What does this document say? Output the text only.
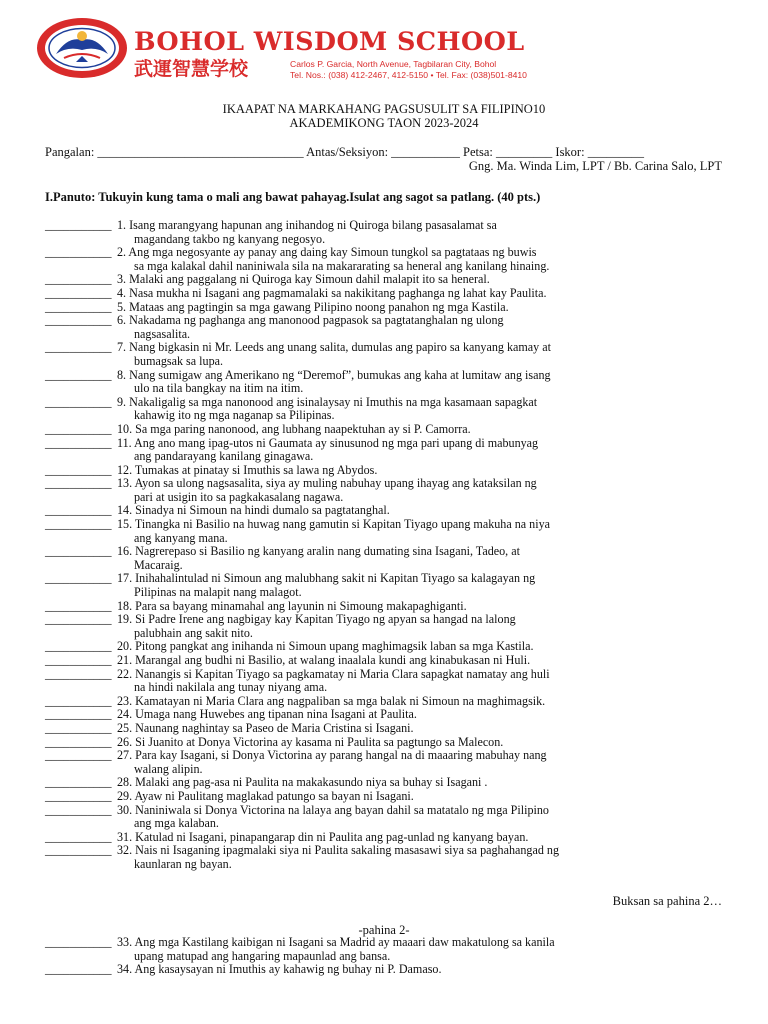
BOHOL WISDOM SCHOOL
武運智慧学校	Carlos P. Garcia, North Avenue, Tagbilaran City, Bohol
Tel. Nos.: (038) 412-2467, 412-5150 • Tel. Fax: (038)501-8410
IKAAPAT NA MARKAHANG PAGSUSULIT SA FILIPINO10
AKADEMIKONG TAON 2023-2024
Pangalan: _________________________________ Antas/Seksiyon: ___________ Petsa: _________ Iskor: _________
Gng. Ma. Winda Lim, LPT / Bb. Carina Salo, LPT
I.Panuto: Tukuyin kung tama o mali ang bawat pahayag.Isulat ang sagot sa patlang. (40 pts.)
___________ 1. Isang marangyang hapunan ang inihandog ni Quiroga bilang pasasalamat sa
magandang takbo ng kanyang negosyo.
___________ 2. Ang mga negosyante ay panay ang daing kay Simoun tungkol sa pagtataas ng buwis
sa mga kalakal dahil naniniwala sila na makararating sa heneral ang kanilang hinaing.
___________ 3. Malaki ang paggalang ni Quiroga kay Simoun dahil malapit ito sa heneral.
___________ 4. Nasa mukha ni Isagani ang pagmamalaki sa nakikitang paghanga ng lahat kay Paulita.
___________ 5. Mataas ang pagtingin sa mga gawang Pilipino noong panahon ng mga Kastila.
___________ 6. Nakadama ng paghanga ang manonood pagpasok sa pagtatanghalan ng ulong
nagsasalita.
___________ 7. Nang bigkasin ni Mr. Leeds ang unang salita, dumulas ang papiro sa kanyang kamay at
bumagsak sa lupa.
___________ 8. Nang sumigaw ang Amerikano ng “Deremof”, bumukas ang kaha at lumitaw ang isang
ulo na tila bangkay na itim na itim.
___________ 9. Nakaligalig sa mga nanonood ang isinalaysay ni Imuthis na mga kasamaan sapagkat
kahawig ito ng mga naganap sa Pilipinas.
___________ 10. Sa mga paring nanonood, ang lubhang naapektuhan ay si P. Camorra.
___________ 11. Ang ano mang ipag-utos ni Gaumata ay sinusunod ng mga pari upang di mabunyag
ang pandarayang kanilang ginagawa.
___________ 12. Tumakas at pinatay si Imuthis sa lawa ng Abydos.
___________ 13. Ayon sa ulong nagsasalita, siya ay muling nabuhay upang ihayag ang kataksilan ng
pari at usigin ito sa pagkakasalang nagawa.
___________ 14. Sinadya ni Simoun na hindi dumalo sa pagtatanghal.
___________ 15. Tinangka ni Basilio na huwag nang gamutin si Kapitan Tiyago upang makuha na niya
ang kanyang mana.
___________ 16. Nagrerepaso si Basilio ng kanyang aralin nang dumating sina Isagani, Tadeo, at
Macaraig.
___________ 17. Inihahalintulad ni Simoun ang malubhang sakit ni Kapitan Tiyago sa kalagayan ng
Pilipinas na malapit nang malagot.
___________ 18. Para sa bayang minamahal ang layunin ni Simoung makapaghiganti.
___________ 19. Si Padre Irene ang nagbigay kay Kapitan Tiyago ng apyan sa hangad na lalong
palubhain ang sakit nito.
___________ 20. Pitong pangkat ang inihanda ni Simoun upang maghimagsik laban sa mga Kastila.
___________ 21. Marangal ang budhi ni Basilio, at walang inaalala kundi ang kinabukasan ni Huli.
___________ 22. Nanangis si Kapitan Tiyago sa pagkamatay ni Maria Clara sapagkat namatay ang huli
na hindi nakilala ang tunay niyang ama.
___________ 23. Kamatayan ni Maria Clara ang nagpaliban sa mga balak ni Simoun na maghimagsik.
___________ 24. Umaga nang Huwebes ang tipanan nina Isagani at Paulita.
___________ 25. Naunang naghintay sa Paseo de Maria Cristina si Isagani.
___________ 26. Si Juanito at Donya Victorina ay kasama ni Paulita sa pagtungo sa Malecon.
___________ 27. Para kay Isagani, si Donya Victorina ay parang hangal na di maaaring mabuhay nang
walang alipin.
___________ 28. Malaki ang pag-asa ni Paulita na makakasundo niya sa buhay si Isagani .
___________ 29. Ayaw ni Paulitang maglakad patungo sa bayan ni Isagani.
___________ 30. Naniniwala si Donya Victorina na lalaya ang bayan dahil sa matatalo ng mga Pilipino
ang mga kalaban.
___________ 31. Katulad ni Isagani, pinapangarap din ni Paulita ang pag-unlad ng kanyang bayan.
___________ 32. Nais ni Isaganing ipagmalaki siya ni Paulita sakaling masasawi siya sa paghahangad ng
kaunlaran ng bayan.
Buksan sa pahina 2…
-pahina 2-
___________ 33. Ang mga Kastilang kaibigan ni Isagani sa Madrid ay maaari daw makatulong sa kanila
upang matupad ang hangaring mapaunlad ang bansa.
___________ 34. Ang kasaysayan ni Imuthis ay kahawig ng buhay ni P. Damaso.
